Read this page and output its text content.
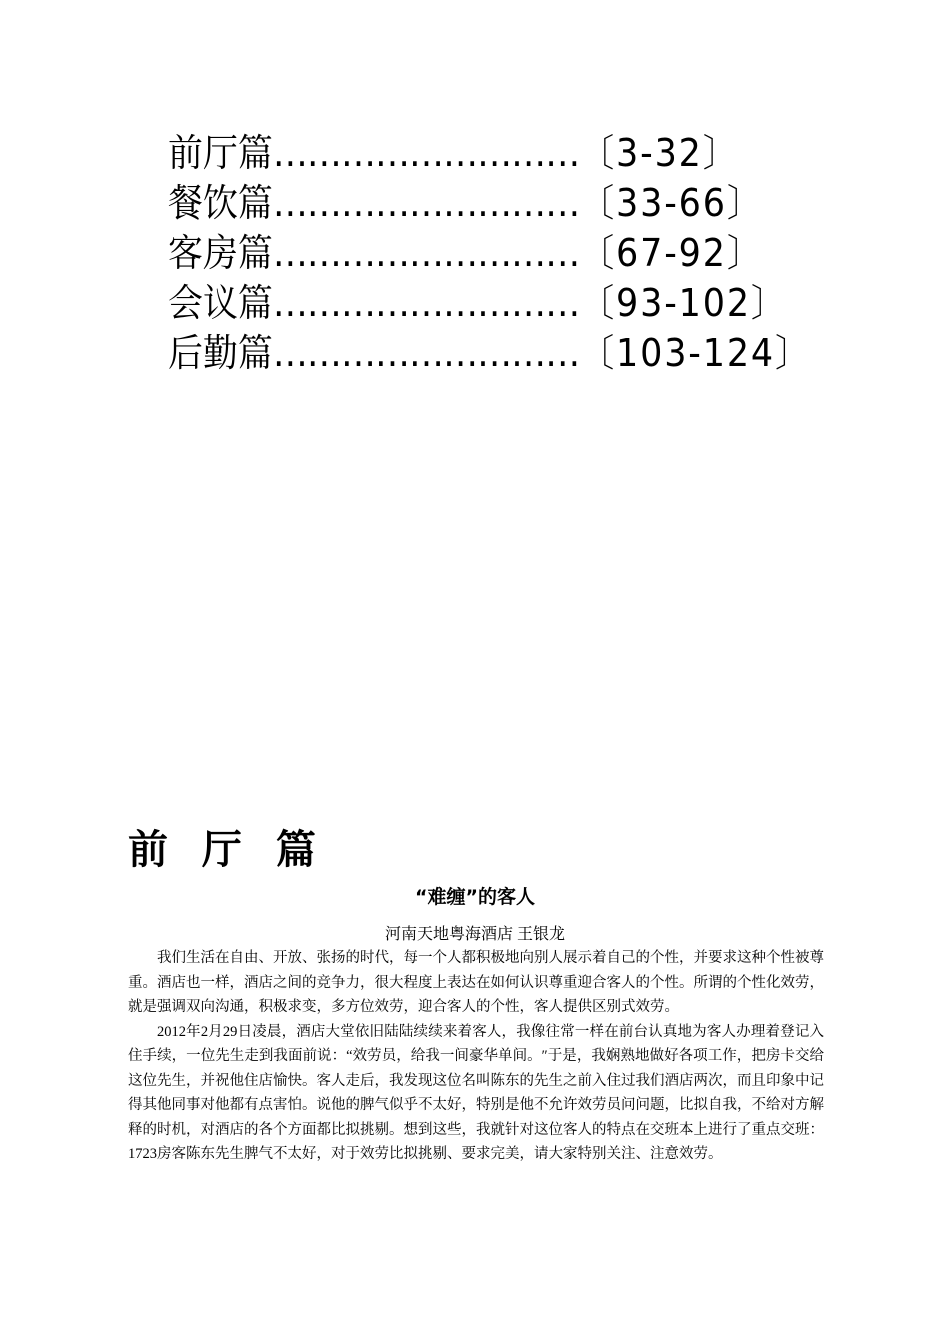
前厅篇………………………〔3-32〕
餐饮篇………………………〔33-66〕
客房篇………………………〔67-92〕
会议篇………………………〔93-102〕
后勤篇………………………〔103-124〕
前 厅 篇
“难缠”的客人
河南天地粤海酒店 王银龙

我们生活在自由、开放、张扬的时代，每一个人都积极地向别人展示着自己的个性，并要求这种个性被尊重。酒店也一样，酒店之间的竞争力，很大程度上表达在如何认识尊重迎合客人的个性。所谓的个性化效劳，就是强调双向沟通，积极求变，多方位效劳，迎合客人的个性，客人提供区别式效劳。

2012年2月29日凌晨，酒店大堂依旧陆陆续续来着客人，我像往常一样在前台认真地为客人办理着登记入住手续，一位先生走到我面前说：“效劳员，给我一间豪华单间。″于是，我娴熟地做好各项工作，把房卡交给这位先生，并祝他住店愉快。客人走后，我发现这位名叫陈东的先生之前入住过我们酒店两次，而且印象中记得其他同事对他都有点害怕。说他的脾气似乎不太好，特别是他不允许效劳员问问题，比拟自我，不给对方解释的时机，对酒店的各个方面都比拟挑剔。想到这些，我就针对这位客人的特点在交班本上进行了重点交班：1723房客陈东先生脾气不太好，对于效劳比拟挑剔、要求完美，请大家特别关注、注意效劳。
